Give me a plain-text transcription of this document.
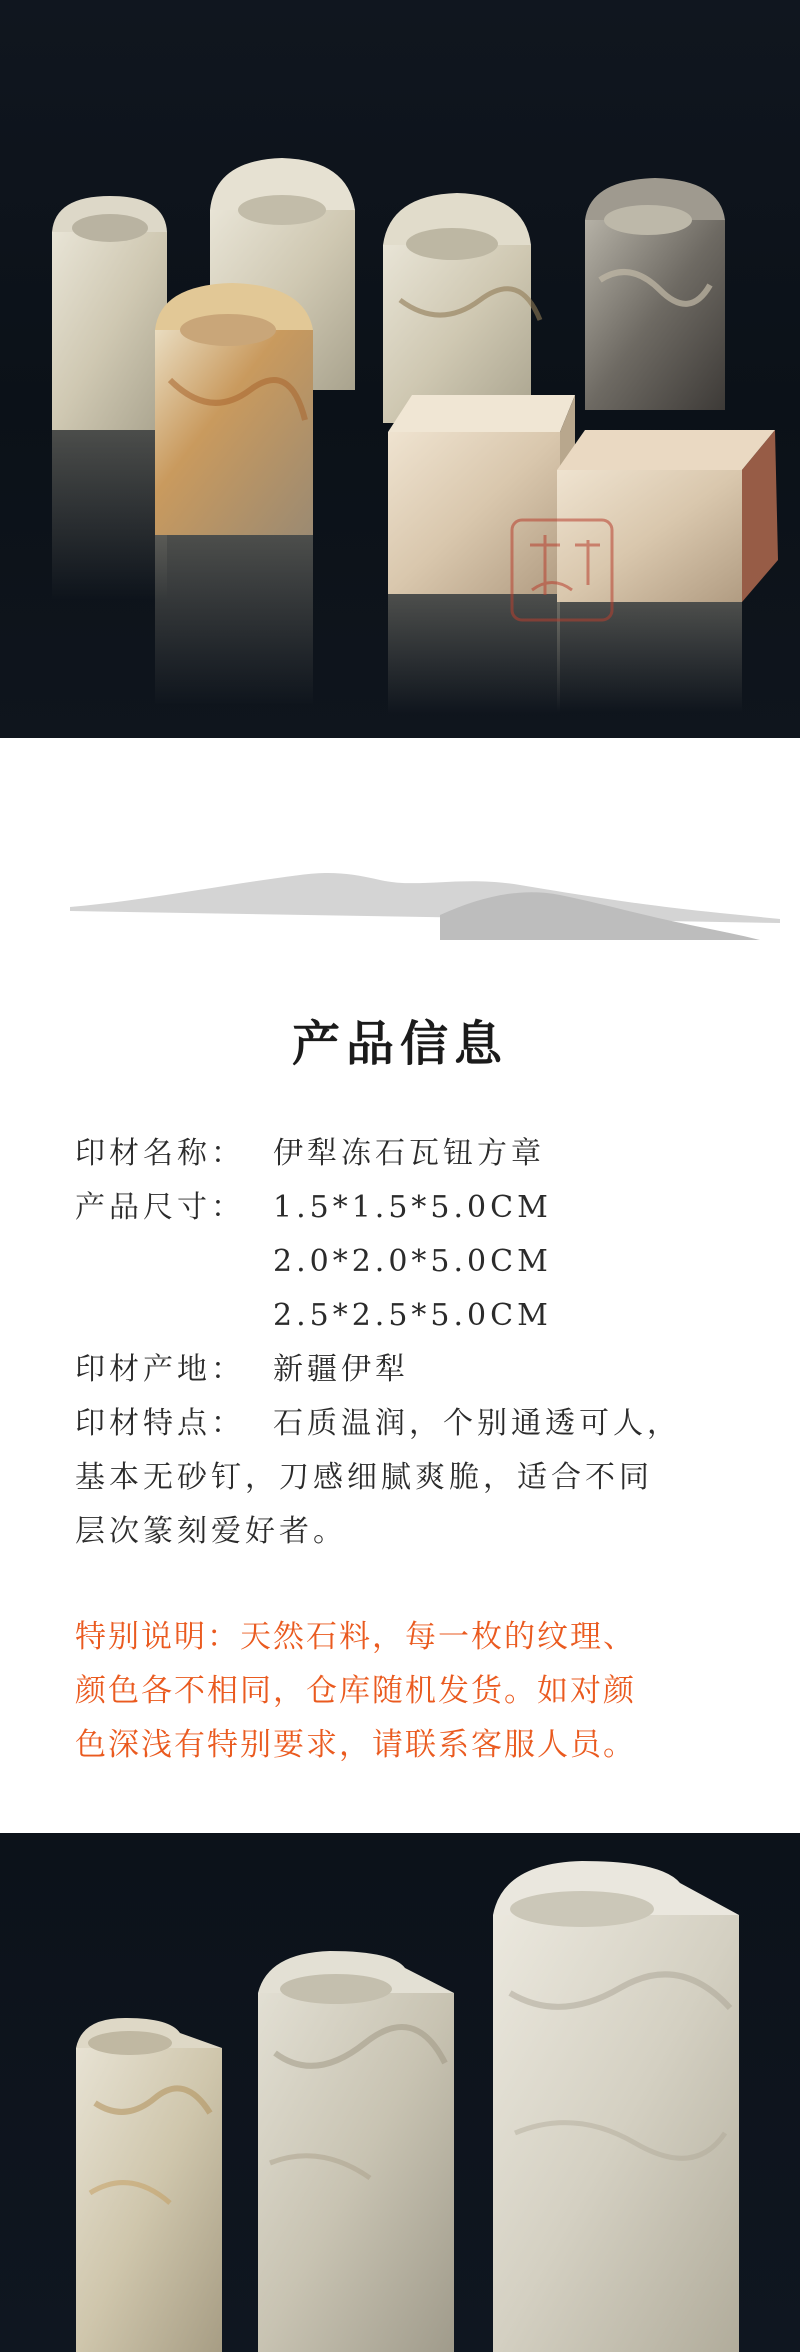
产品信息
印材名称： 伊犁冻石瓦钮方章
产品尺寸： 1.5*1.5*5.0CM
2.0*2.0*5.0CM
2.5*2.5*5.0CM
印材产地： 新疆伊犁
印材特点： 石质温润，个别通透可人，
基本无砂钉，刀感细腻爽脆，适合不同
层次篆刻爱好者。
特别说明：天然石料，每一枚的纹理、
颜色各不相同，仓库随机发货。如对颜
色深浅有特别要求，请联系客服人员。
